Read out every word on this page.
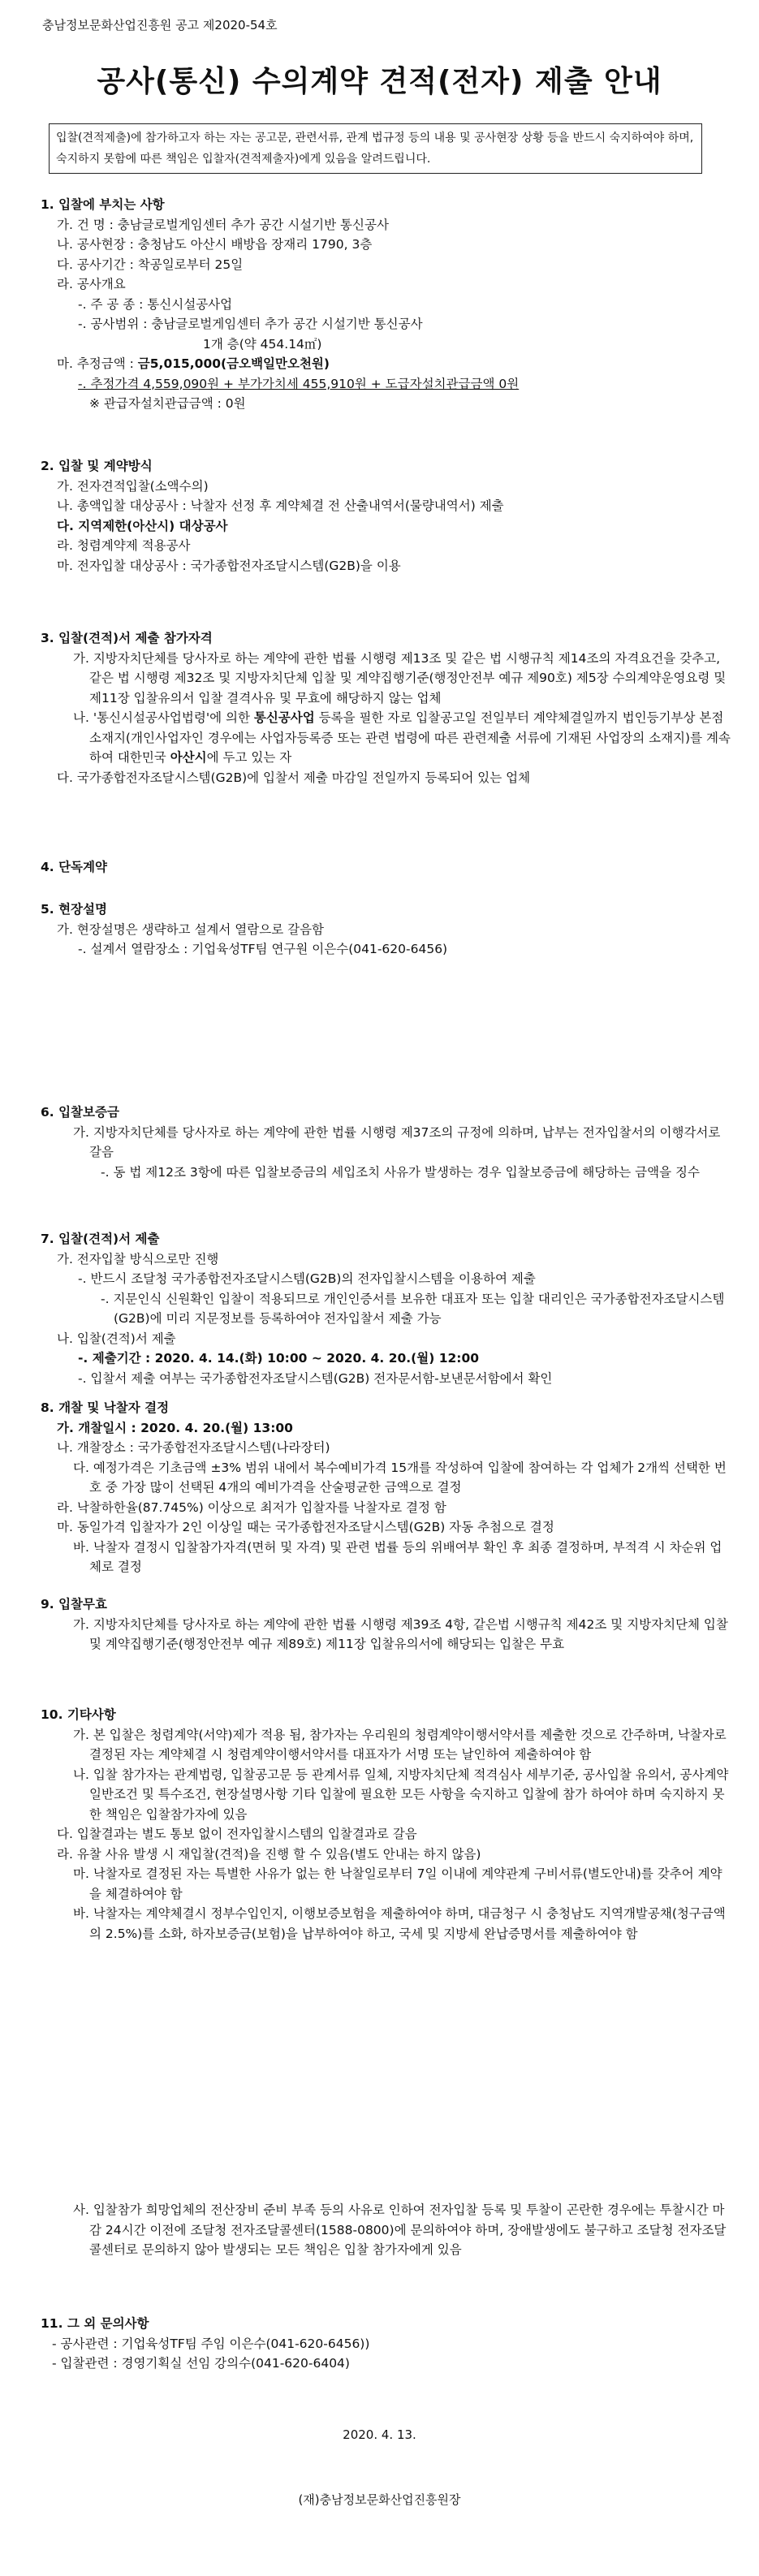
충남정보문화산업진흥원 공고 제2020-54호
공사(통신) 수의계약 견적(전자) 제출 안내
입찰(견적제출)에 참가하고자 하는 자는 공고문, 관련서류, 관계 법규정 등의 내용 및 공사현장 상황 등을 반드시 숙지하여야 하며, 숙지하지 못함에 따른 책임은 입찰자(견적제출자)에게 있음을 알려드립니다.

1. 입찰에 부치는 사항

가. 건 명 : 충남글로벌게임센터 추가 공간 시설기반 통신공사

나. 공사현장 : 충청남도 아산시 배방읍 장재리 1790, 3층

다. 공사기간 : 착공일로부터 25일

라. 공사개요

-. 주 공 종 : 통신시설공사업

-. 공사범위 : 충남글로벌게임센터 추가 공간 시설기반 통신공사

1개 층(약 454.14㎡)

마. 추정금액 : 금5,015,000(금오백일만오천원)

-. 추정가격 4,559,090원 + 부가가치세 455,910원 + 도급자설치관급금액 0원

※ 관급자설치관급금액 : 0원

2. 입찰 및 계약방식

가. 전자견적입찰(소액수의)

나. 총액입찰 대상공사 : 낙찰자 선정 후 계약체결 전 산출내역서(물량내역서) 제출

다. 지역제한(아산시) 대상공사

라. 청렴계약제 적용공사

마. 전자입찰 대상공사 : 국가종합전자조달시스템(G2B)을 이용

3. 입찰(견적)서 제출 참가자격

가. 지방자치단체를 당사자로 하는 계약에 관한 법률 시행령 제13조 및 같은 법 시행규칙 제14조의 자격요건을 갖추고, 같은 법 시행령 제32조 및 지방자치단체 입찰 및 계약집행기준(행정안전부 예규 제90호) 제5장 수의계약운영요령 및 제11장 입찰유의서 입찰 결격사유 및 무효에 해당하지 않는 업체

나. '통신시설공사업법령'에 의한 통신공사업 등록을 필한 자로 입찰공고일 전일부터 계약체결일까지 법인등기부상 본점 소재지(개인사업자인 경우에는 사업자등록증 또는 관련 법령에 따른 관련제출 서류에 기재된 사업장의 소재지)를 계속하여 대한민국 아산시에 두고 있는 자

다. 국가종합전자조달시스템(G2B)에 입찰서 제출 마감일 전일까지 등록되어 있는 업체

4. 단독계약

5. 현장설명

가. 현장설명은 생략하고 설계서 열람으로 갈음함

-. 설계서 열람장소 : 기업육성TF팀 연구원 이은수(041-620-6456)

6. 입찰보증금

가. 지방자치단체를 당사자로 하는 계약에 관한 법률 시행령 제37조의 규정에 의하며, 납부는 전자입찰서의 이행각서로 갈음

-. 동 법 제12조 3항에 따른 입찰보증금의 세입조치 사유가 발생하는 경우 입찰보증금에 해당하는 금액을 징수

7. 입찰(견적)서 제출

가. 전자입찰 방식으로만 진행

-. 반드시 조달청 국가종합전자조달시스템(G2B)의 전자입찰시스템을 이용하여 제출

-. 지문인식 신원확인 입찰이 적용되므로 개인인증서를 보유한 대표자 또는 입찰 대리인은 국가종합전자조달시스템(G2B)에 미리 지문정보를 등록하여야 전자입찰서 제출 가능

나. 입찰(견적)서 제출

-. 제출기간 : 2020. 4. 14.(화) 10:00 ~ 2020. 4. 20.(월) 12:00

-. 입찰서 제출 여부는 국가종합전자조달시스템(G2B) 전자문서함-보낸문서함에서 확인

8. 개찰 및 낙찰자 결정

가. 개찰일시 : 2020. 4. 20.(월) 13:00

나. 개찰장소 : 국가종합전자조달시스템(나라장터)

다. 예정가격은 기초금액 ±3% 범위 내에서 복수예비가격 15개를 작성하여 입찰에 참여하는 각 업체가 2개씩 선택한 번호 중 가장 많이 선택된 4개의 예비가격을 산술평균한 금액으로 결정

라. 낙찰하한율(87.745%) 이상으로 최저가 입찰자를 낙찰자로 결정 함

마. 동일가격 입찰자가 2인 이상일 때는 국가종합전자조달시스템(G2B) 자동 추첨으로 결정

바. 낙찰자 결정시 입찰참가자격(면허 및 자격) 및 관련 법률 등의 위배여부 확인 후 최종 결정하며, 부적격 시 차순위 업체로 결정

9. 입찰무효

가. 지방자치단체를 당사자로 하는 계약에 관한 법률 시행령 제39조 4항, 같은법 시행규칙 제42조 및 지방자치단체 입찰 및 계약집행기준(행정안전부 예규 제89호) 제11장 입찰유의서에 해당되는 입찰은 무효

10. 기타사항

가. 본 입찰은 청렴계약(서약)제가 적용 됨, 참가자는 우리원의 청렴계약이행서약서를 제출한 것으로 간주하며, 낙찰자로 결정된 자는 계약체결 시 청렴계약이행서약서를 대표자가 서명 또는 날인하여 제출하여야 함

나. 입찰 참가자는 관계법령, 입찰공고문 등 관계서류 일체, 지방자치단체 적격심사 세부기준, 공사입찰 유의서, 공사계약 일반조건 및 특수조건, 현장설명사항 기타 입찰에 필요한 모든 사항을 숙지하고 입찰에 참가 하여야 하며 숙지하지 못한 책임은 입찰참가자에 있음

다. 입찰결과는 별도 통보 없이 전자입찰시스템의 입찰결과로 갈음

라. 유찰 사유 발생 시 재입찰(견적)을 진행 할 수 있음(별도 안내는 하지 않음)

마. 낙찰자로 결정된 자는 특별한 사유가 없는 한 낙찰일로부터 7일 이내에 계약관계 구비서류(별도안내)를 갖추어 계약을 체결하여야 함

바. 낙찰자는 계약체결시 정부수입인지, 이행보증보험을 제출하여야 하며, 대금청구 시 충청남도 지역개발공채(청구금액의 2.5%)를 소화, 하자보증금(보험)을 납부하여야 하고, 국세 및 지방세 완납증명서를 제출하여야 함

사. 입찰참가 희망업체의 전산장비 준비 부족 등의 사유로 인하여 전자입찰 등록 및 투찰이 곤란한 경우에는 투찰시간 마감 24시간 이전에 조달청 전자조달콜센터(1588-0800)에 문의하여야 하며, 장애발생에도 불구하고 조달청 전자조달콜센터로 문의하지 않아 발생되는 모든 책임은 입찰 참가자에게 있음

11. 그 외 문의사항

- 공사관련 : 기업육성TF팀 주임 이은수(041-620-6456))

- 입찰관련 : 경영기획실 선임 강의수(041-620-6404)

2020. 4. 13.
(재)충남정보문화산업진흥원장
